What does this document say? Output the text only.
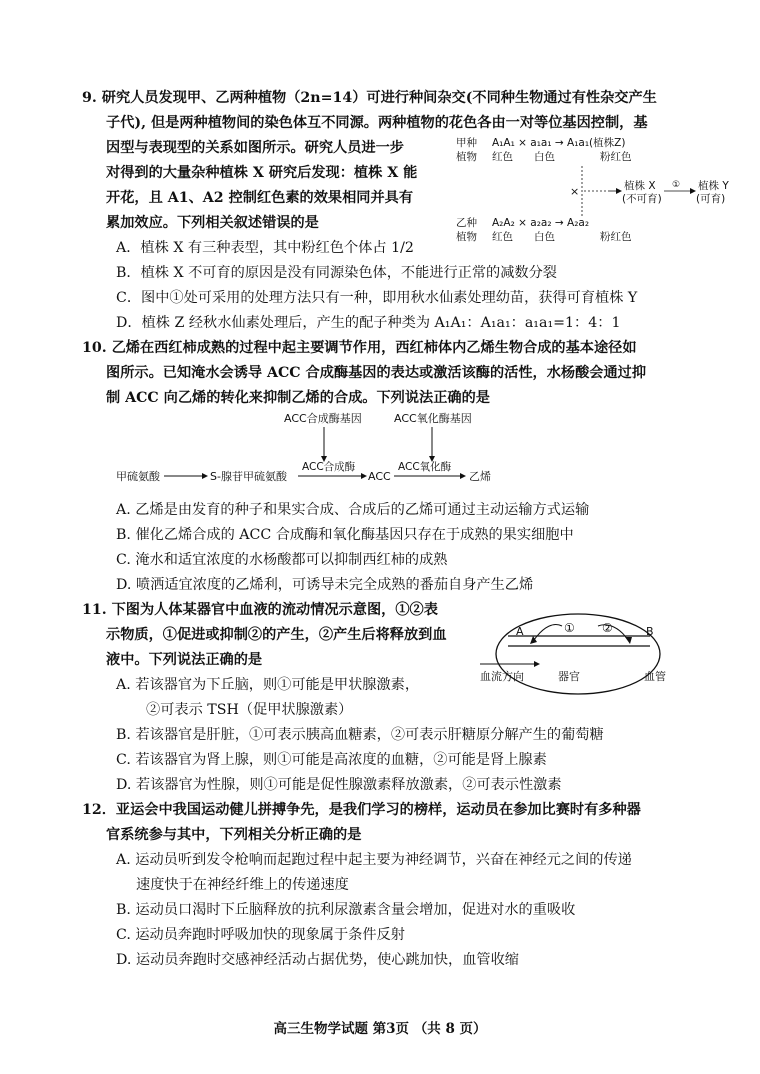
9. 研究人员发现甲、乙两种植物（2n=14）可进行种间杂交(不同种生物通过有性杂交产生
子代), 但是两种植物间的染色体互不同源。两种植物的花色各由一对等位基因控制，基
因型与表现型的关系如图所示。研究人员进一步
对得到的大量杂种植株 X 研究后发现：植株 X 能
开花，且 A1、A2 控制红色素的效果相同并具有
累加效应。下列相关叙述错误的是
A．植株 X 有三种表型，其中粉红色个体占 1/2
B．植株 X 不可育的原因是没有同源染色体，不能进行正常的减数分裂
C．图中①处可采用的处理方法只有一种，即用秋水仙素处理幼苗，获得可育植株 Y
D．植株 Z 经秋水仙素处理后，产生的配子种类为 A₁A₁：A₁a₁：a₁a₁=1：4：1
甲种
植物
A₁A₁ × a₁a₁ → A₁a₁(植株Z)
红色 白色	粉红色
乙种
植物
A₂A₂ × a₂a₂ → A₂a₂
红色 白色	粉红色
×	植株 X
(不可育)
① 植株 Y
(可育)
10. 乙烯在西红柿成熟的过程中起主要调节作用，西红柿体内乙烯生物合成的基本途径如
图所示。已知淹水会诱导 ACC 合成酶基因的表达或激活该酶的活性，水杨酸会通过抑
制 ACC 向乙烯的转化来抑制乙烯的合成。下列说法正确的是
ACC合成酶基因	ACC氧化酶基因
甲硫氨酸	S-腺苷甲硫氨酸
ACC合成酶
ACC
ACC氧化酶
乙烯
A. 乙烯是由发育的种子和果实合成、合成后的乙烯可通过主动运输方式运输
B. 催化乙烯合成的 ACC 合成酶和氧化酶基因只存在于成熟的果实细胞中
C. 淹水和适宜浓度的水杨酸都可以抑制西红柿的成熟
D. 喷洒适宜浓度的乙烯利，可诱导未完全成熟的番茄自身产生乙烯
11. 下图为人体某器官中血液的流动情况示意图，①②表
示物质，①促进或抑制②的产生，②产生后将释放到血
液中。下列说法正确的是
A. 若该器官为下丘脑，则①可能是甲状腺激素，
②可表示 TSH（促甲状腺激素）
B. 若该器官是肝脏，①可表示胰高血糖素，②可表示肝糖原分解产生的葡萄糖
C. 若该器官为肾上腺，则①可能是高浓度的血糖，②可能是肾上腺素
D. 若该器官为性腺，则①可能是促性腺激素释放激素，②可表示性激素
A	B
① ②
血流方向	器官	血管
12．亚运会中我国运动健儿拼搏争先，是我们学习的榜样，运动员在参加比赛时有多种器
官系统参与其中，下列相关分析正确的是
A. 运动员听到发令枪响而起跑过程中起主要为神经调节，兴奋在神经元之间的传递
速度快于在神经纤维上的传递速度
B. 运动员口渴时下丘脑释放的抗利尿激素含量会增加，促进对水的重吸收
C. 运动员奔跑时呼吸加快的现象属于条件反射
D. 运动员奔跑时交感神经活动占据优势，使心跳加快，血管收缩
高三生物学试题 第3页 （共 8 页）
